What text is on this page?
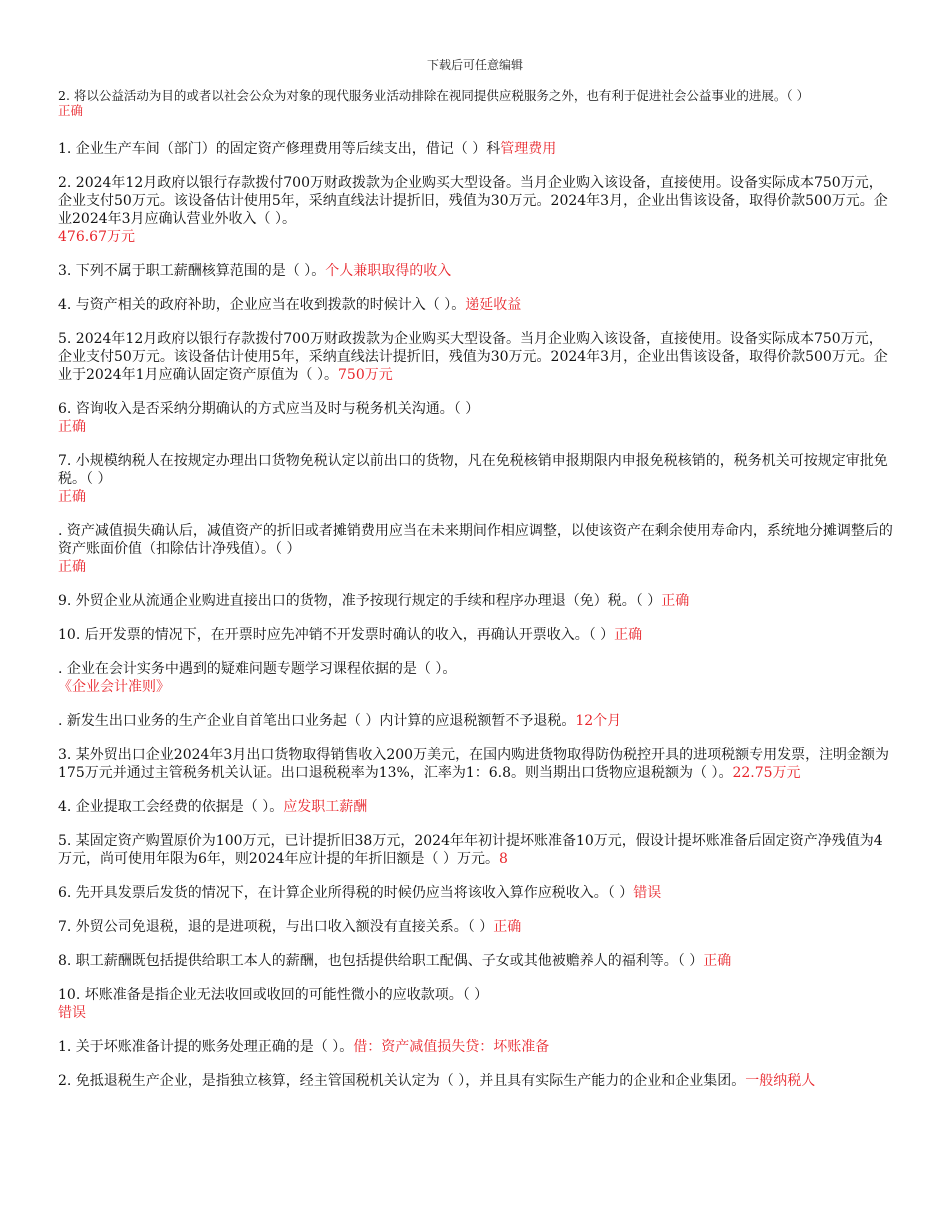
下载后可任意编辑
2. 将以公益活动为目的或者以社会公众为对象的现代服务业活动排除在视同提供应税服务之外，也有利于促进社会公益事业的进展。（ ）
正确
1. 企业生产车间（部门）的固定资产修理费用等后续支出，借记（ ）科管理费用
2. 2024年12月政府以银行存款拨付700万财政拨款为企业购买大型设备。当月企业购入该设备，直接使用。设备实际成本750万元，企业支付50万元。该设备估计使用5年，采纳直线法计提折旧，残值为30万元。2024年3月，企业出售该设备，取得价款500万元。企业2024年3月应确认营业外收入（ ）。
476.67万元
3. 下列不属于职工薪酬核算范围的是（ ）。个人兼职取得的收入
4. 与资产相关的政府补助，企业应当在收到拨款的时候计入（ ）。递延收益
5. 2024年12月政府以银行存款拨付700万财政拨款为企业购买大型设备。当月企业购入该设备，直接使用。设备实际成本750万元，企业支付50万元。该设备估计使用5年，采纳直线法计提折旧，残值为30万元。2024年3月，企业出售该设备，取得价款500万元。企业于2024年1月应确认固定资产原值为（ ）。750万元
6. 咨询收入是否采纳分期确认的方式应当及时与税务机关沟通。（ ）
正确
7. 小规模纳税人在按规定办理出口货物免税认定以前出口的货物，凡在免税核销申报期限内申报免税核销的，税务机关可按规定审批免税。（ ）
正确
. 资产减值损失确认后，减值资产的折旧或者摊销费用应当在未来期间作相应调整，以使该资产在剩余使用寿命内，系统地分摊调整后的资产账面价值（扣除估计净残值）。（ ）
正确
9. 外贸企业从流通企业购进直接出口的货物，准予按现行规定的手续和程序办理退（免）税。（ ）正确
10. 后开发票的情况下，在开票时应先冲销不开发票时确认的收入，再确认开票收入。（ ）正确
. 企业在会计实务中遇到的疑难问题专题学习课程依据的是（ ）。
《企业会计准则》
. 新发生出口业务的生产企业自首笔出口业务起（ ）内计算的应退税额暂不予退税。12个月
3. 某外贸出口企业2024年3月出口货物取得销售收入200万美元，在国内购进货物取得防伪税控开具的进项税额专用发票，注明金额为175万元并通过主管税务机关认证。出口退税税率为13%，汇率为1：6.8。则当期出口货物应退税额为（ ）。22.75万元
4. 企业提取工会经费的依据是（ ）。应发职工薪酬
5. 某固定资产购置原价为100万元，已计提折旧38万元，2024年年初计提坏账准备10万元，假设计提坏账准备后固定资产净残值为4万元，尚可使用年限为6年，则2024年应计提的年折旧额是（ ）万元。8
6. 先开具发票后发货的情况下，在计算企业所得税的时候仍应当将该收入算作应税收入。（ ）错误
7. 外贸公司免退税，退的是进项税，与出口收入额没有直接关系。（ ）正确
8. 职工薪酬既包括提供给职工本人的薪酬，也包括提供给职工配偶、子女或其他被赡养人的福利等。（ ）正确
10. 坏账准备是指企业无法收回或收回的可能性微小的应收款项。（ ）
错误
1. 关于坏账准备计提的账务处理正确的是（ ）。借：资产减值损失贷：坏账准备
2. 免抵退税生产企业，是指独立核算，经主管国税机关认定为（ ），并且具有实际生产能力的企业和企业集团。一般纳税人
